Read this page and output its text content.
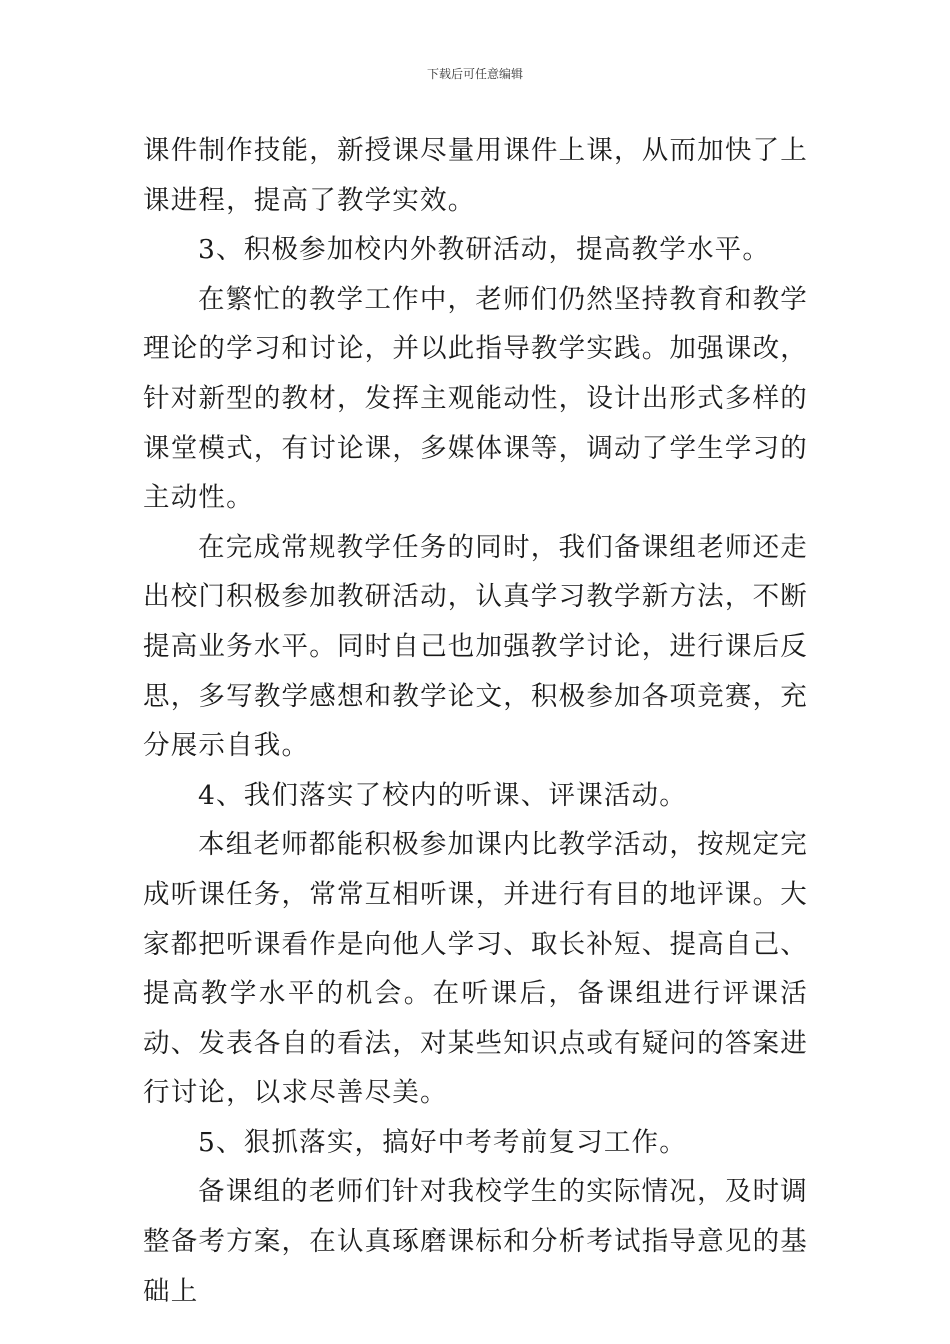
下载后可任意编辑

课件制作技能，新授课尽量用课件上课，从而加快了上课进程，提高了教学实效。

3、积极参加校内外教研活动，提高教学水平。

在繁忙的教学工作中，老师们仍然坚持教育和教学理论的学习和讨论，并以此指导教学实践。加强课改，针对新型的教材，发挥主观能动性，设计出形式多样的课堂模式，有讨论课，多媒体课等，调动了学生学习的主动性。

在完成常规教学任务的同时，我们备课组老师还走出校门积极参加教研活动，认真学习教学新方法，不断提高业务水平。同时自己也加强教学讨论，进行课后反思，多写教学感想和教学论文，积极参加各项竞赛，充分展示自我。

4、我们落实了校内的听课、评课活动。

本组老师都能积极参加课内比教学活动，按规定完成听课任务，常常互相听课，并进行有目的地评课。大家都把听课看作是向他人学习、取长补短、提高自己、提高教学水平的机会。在听课后，备课组进行评课活动、发表各自的看法，对某些知识点或有疑问的答案进行讨论，以求尽善尽美。

5、狠抓落实，搞好中考考前复习工作。

备课组的老师们针对我校学生的实际情况，及时调整备考方案，在认真琢磨课标和分析考试指导意见的基础上
